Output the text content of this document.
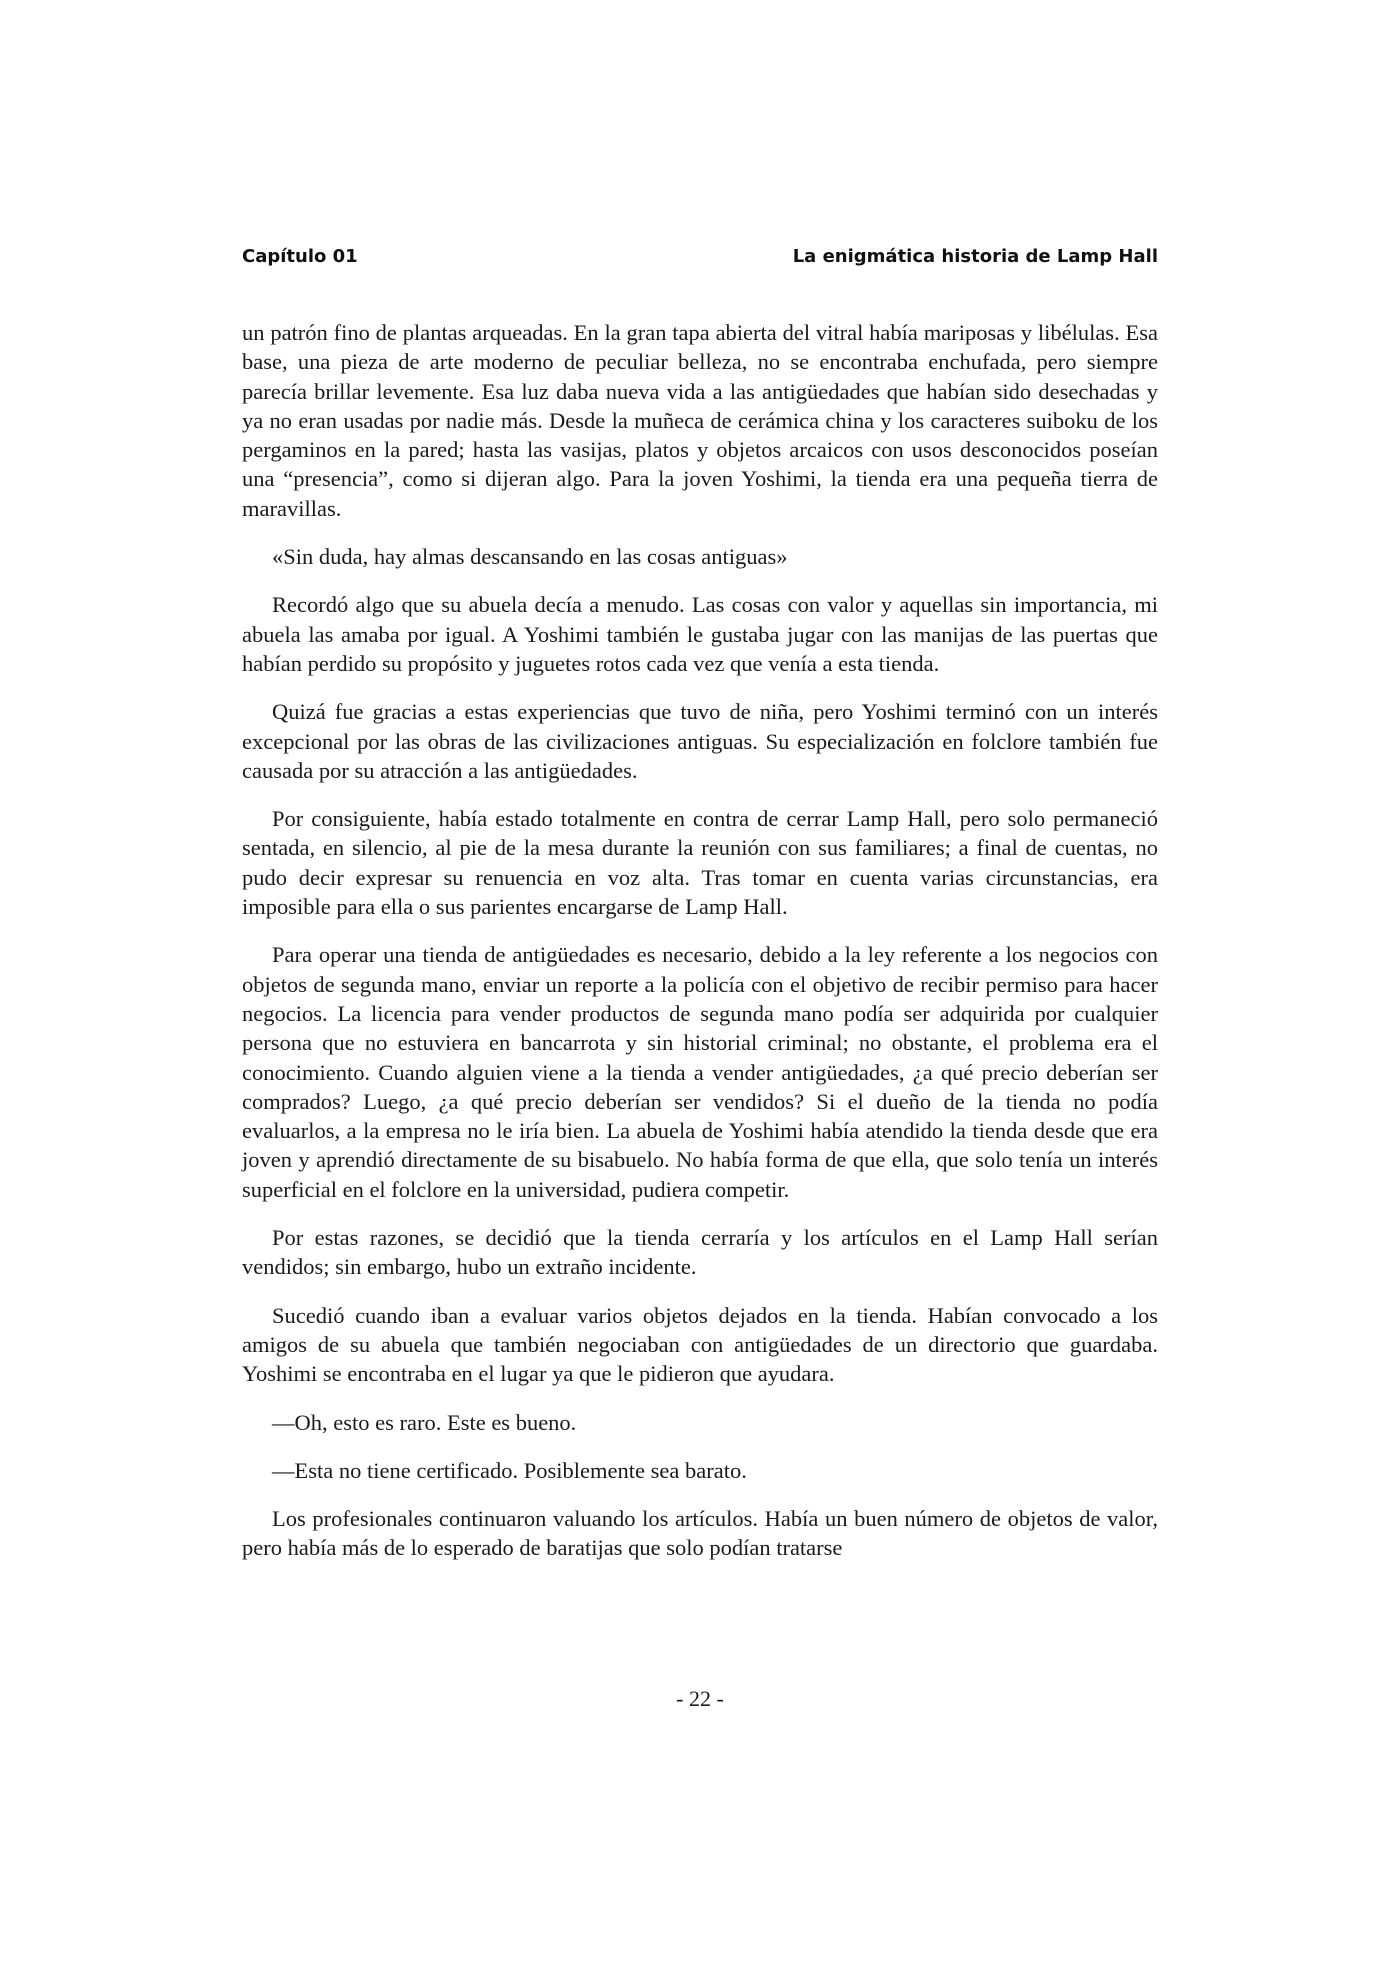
Capítulo 01	La enigmática historia de Lamp Hall

un patrón fino de plantas arqueadas. En la gran tapa abierta del vitral había mariposas y libélulas. Esa base, una pieza de arte moderno de peculiar belleza, no se encontraba enchufada, pero siempre parecía brillar levemente. Esa luz daba nueva vida a las antigüedades que habían sido desechadas y ya no eran usadas por nadie más. Desde la muñeca de cerámica china y los caracteres suiboku de los pergaminos en la pared; hasta las vasijas, platos y objetos arcaicos con usos desconocidos poseían una “presencia”, como si dijeran algo. Para la joven Yoshimi, la tienda era una pequeña tierra de maravillas.

«Sin duda, hay almas descansando en las cosas antiguas»

Recordó algo que su abuela decía a menudo. Las cosas con valor y aquellas sin importancia, mi abuela las amaba por igual. A Yoshimi también le gustaba jugar con las manijas de las puertas que habían perdido su propósito y juguetes rotos cada vez que venía a esta tienda.

Quizá fue gracias a estas experiencias que tuvo de niña, pero Yoshimi terminó con un interés excepcional por las obras de las civilizaciones antiguas. Su especialización en folclore también fue causada por su atracción a las antigüedades.

Por consiguiente, había estado totalmente en contra de cerrar Lamp Hall, pero solo permaneció sentada, en silencio, al pie de la mesa durante la reunión con sus familiares; a final de cuentas, no pudo decir expresar su renuencia en voz alta. Tras tomar en cuenta varias circunstancias, era imposible para ella o sus parientes encargarse de Lamp Hall.

Para operar una tienda de antigüedades es necesario, debido a la ley referente a los negocios con objetos de segunda mano, enviar un reporte a la policía con el objetivo de recibir permiso para hacer negocios. La licencia para vender productos de segunda mano podía ser adquirida por cualquier persona que no estuviera en bancarrota y sin historial criminal; no obstante, el problema era el conocimiento. Cuando alguien viene a la tienda a vender antigüedades, ¿a qué precio deberían ser comprados? Luego, ¿a qué precio deberían ser vendidos? Si el dueño de la tienda no podía evaluarlos, a la empresa no le iría bien. La abuela de Yoshimi había atendido la tienda desde que era joven y aprendió directamente de su bisabuelo. No había forma de que ella, que solo tenía un interés superficial en el folclore en la universidad, pudiera competir.

Por estas razones, se decidió que la tienda cerraría y los artículos en el Lamp Hall serían vendidos; sin embargo, hubo un extraño incidente.

Sucedió cuando iban a evaluar varios objetos dejados en la tienda. Habían convocado a los amigos de su abuela que también negociaban con antigüedades de un directorio que guardaba. Yoshimi se encontraba en el lugar ya que le pidieron que ayudara.

—Oh, esto es raro. Este es bueno.

—Esta no tiene certificado. Posiblemente sea barato.

Los profesionales continuaron valuando los artículos. Había un buen número de objetos de valor, pero había más de lo esperado de baratijas que solo podían tratarse

- 22 -
